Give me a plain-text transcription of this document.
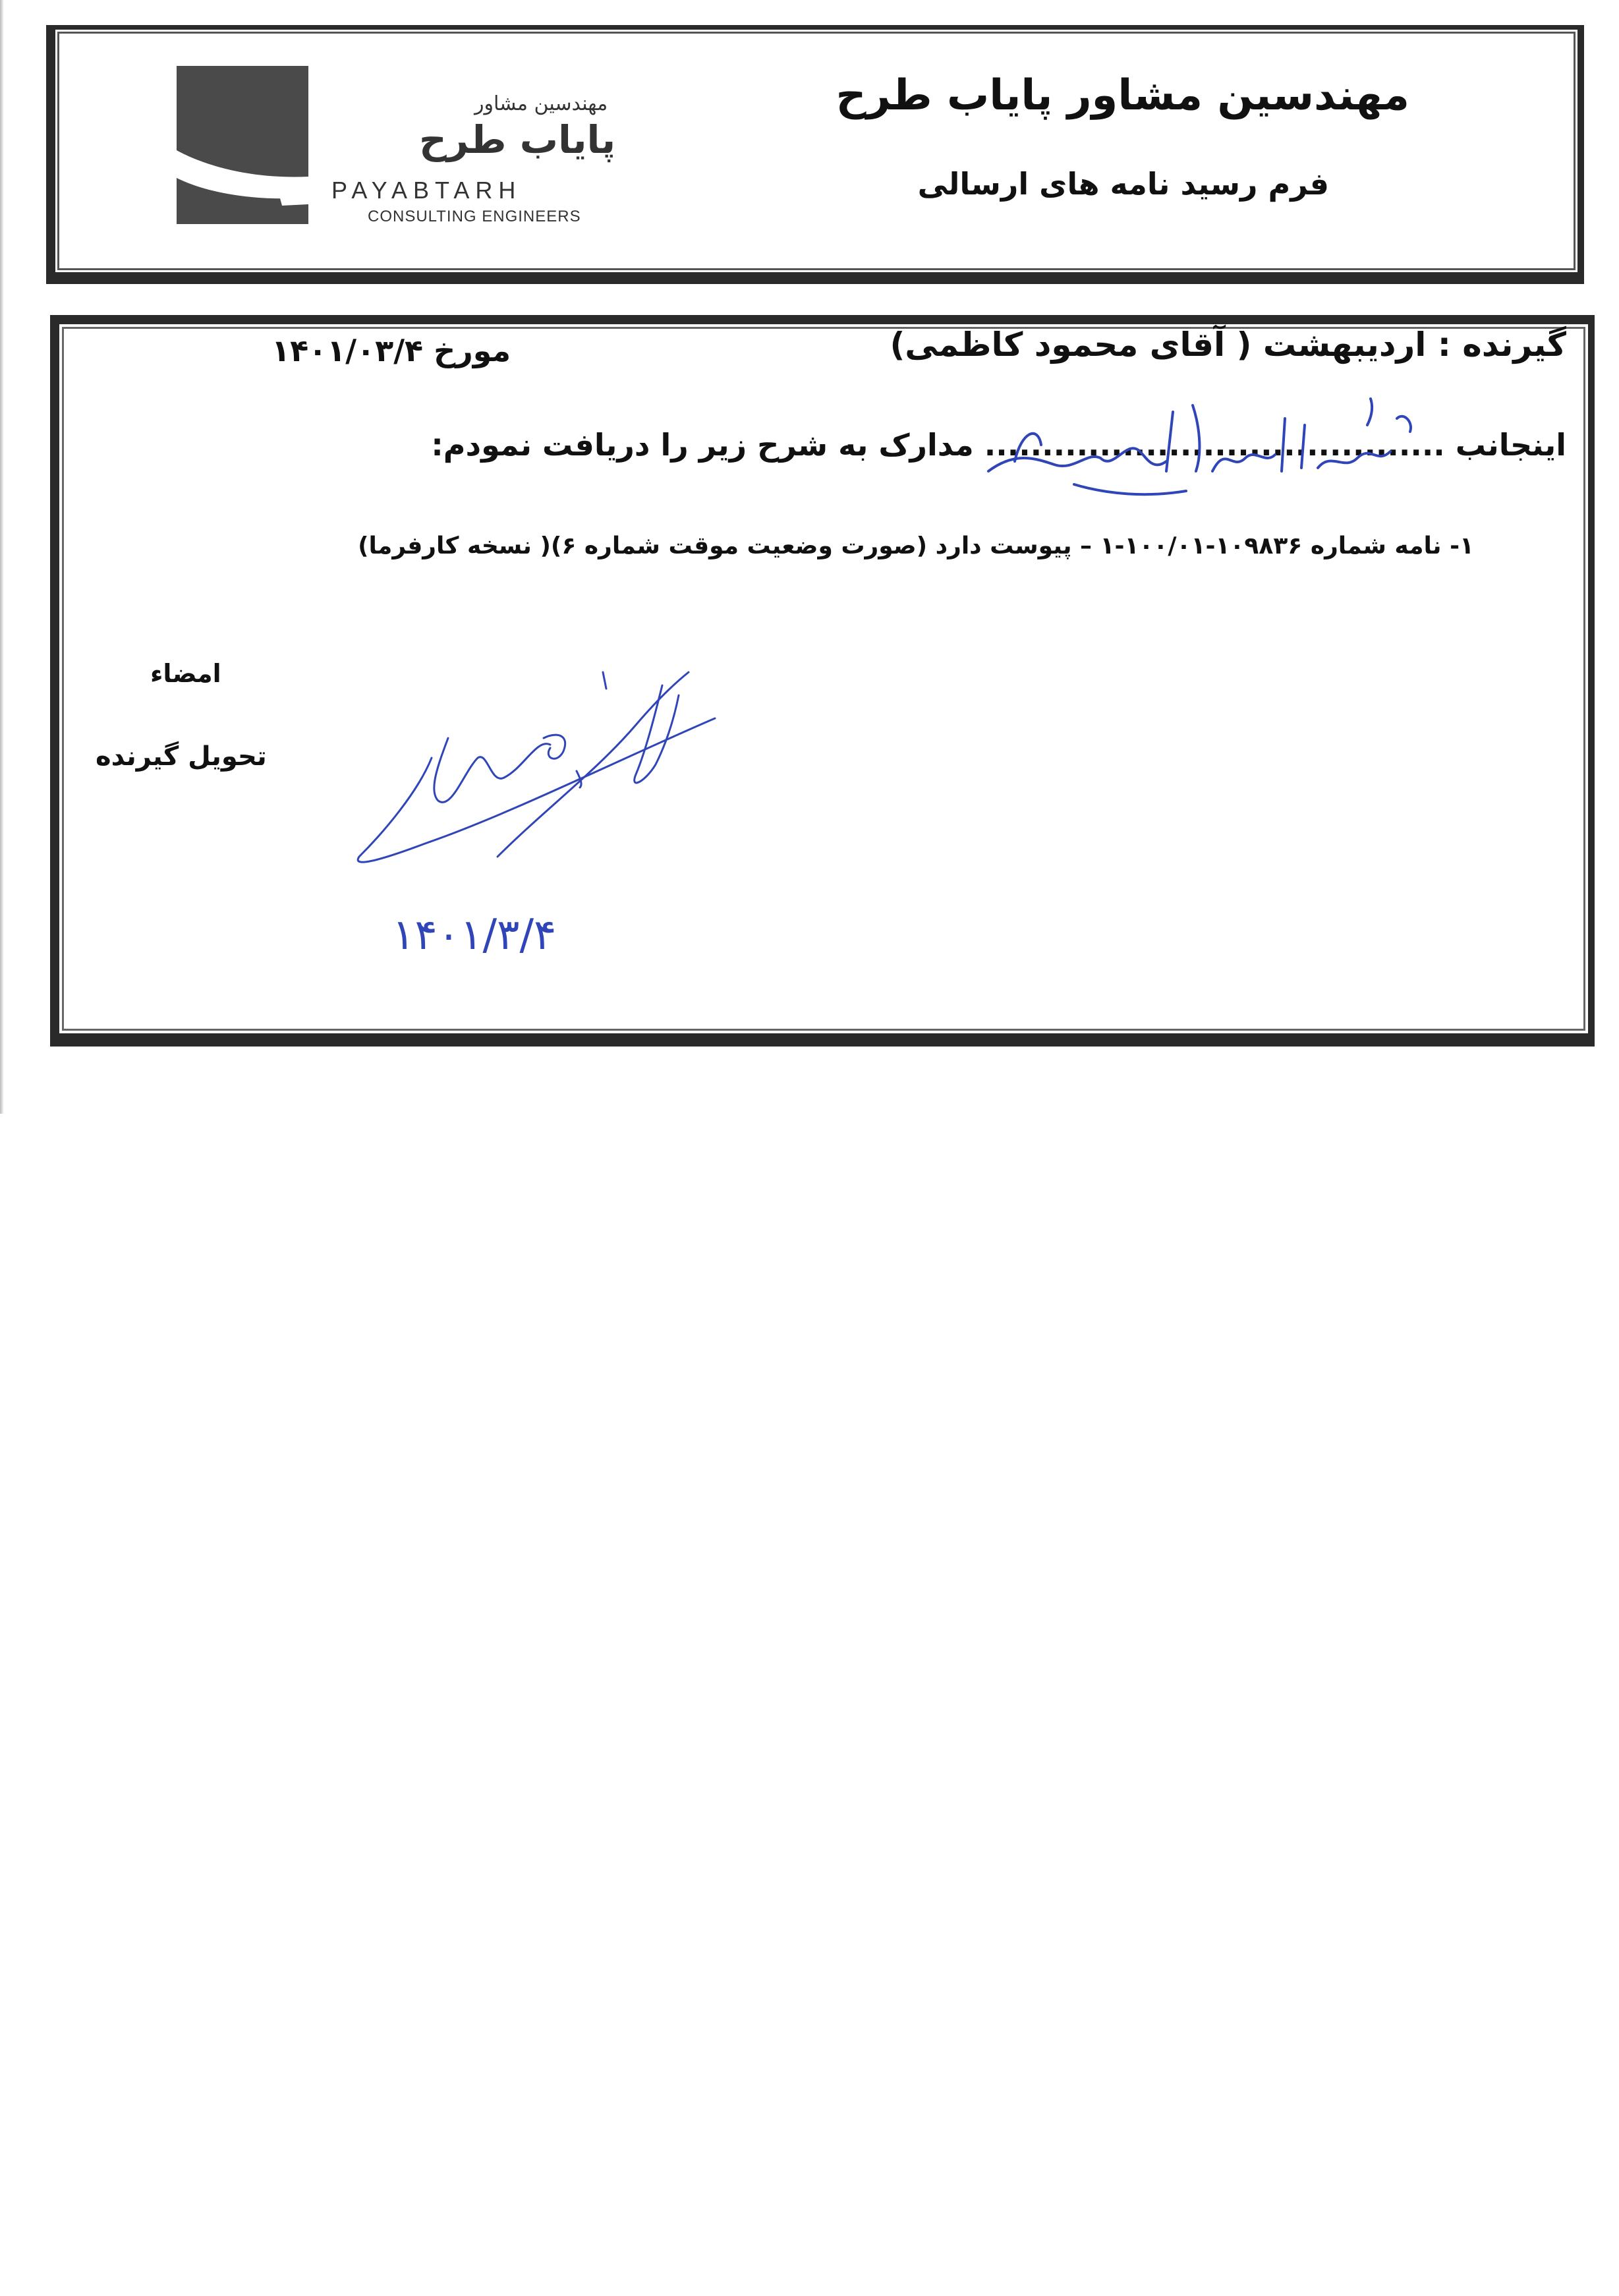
مهندسین مشاور
پایاب طرح
PAYABTARH
CONSULTING ENGINEERS
مهندسین مشاور پایاب طرح
فرم رسید نامه های ارسالی
گیرنده : اردیبهشت ( آقای محمود کاظمی)
مورخ ۱۴۰۱/۰۳/۴
اینجانب ........................................ مدارک به شرح زیر را دریافت نمودم:
۱- نامه شماره ۱۰۹۸۳۶-۱۰۰/۰۱-۱ – پیوست دارد (صورت وضعیت موقت شماره ۶)( نسخه کارفرما)
امضاء
تحویل گیرنده
۱۴۰۱/۳/۴
